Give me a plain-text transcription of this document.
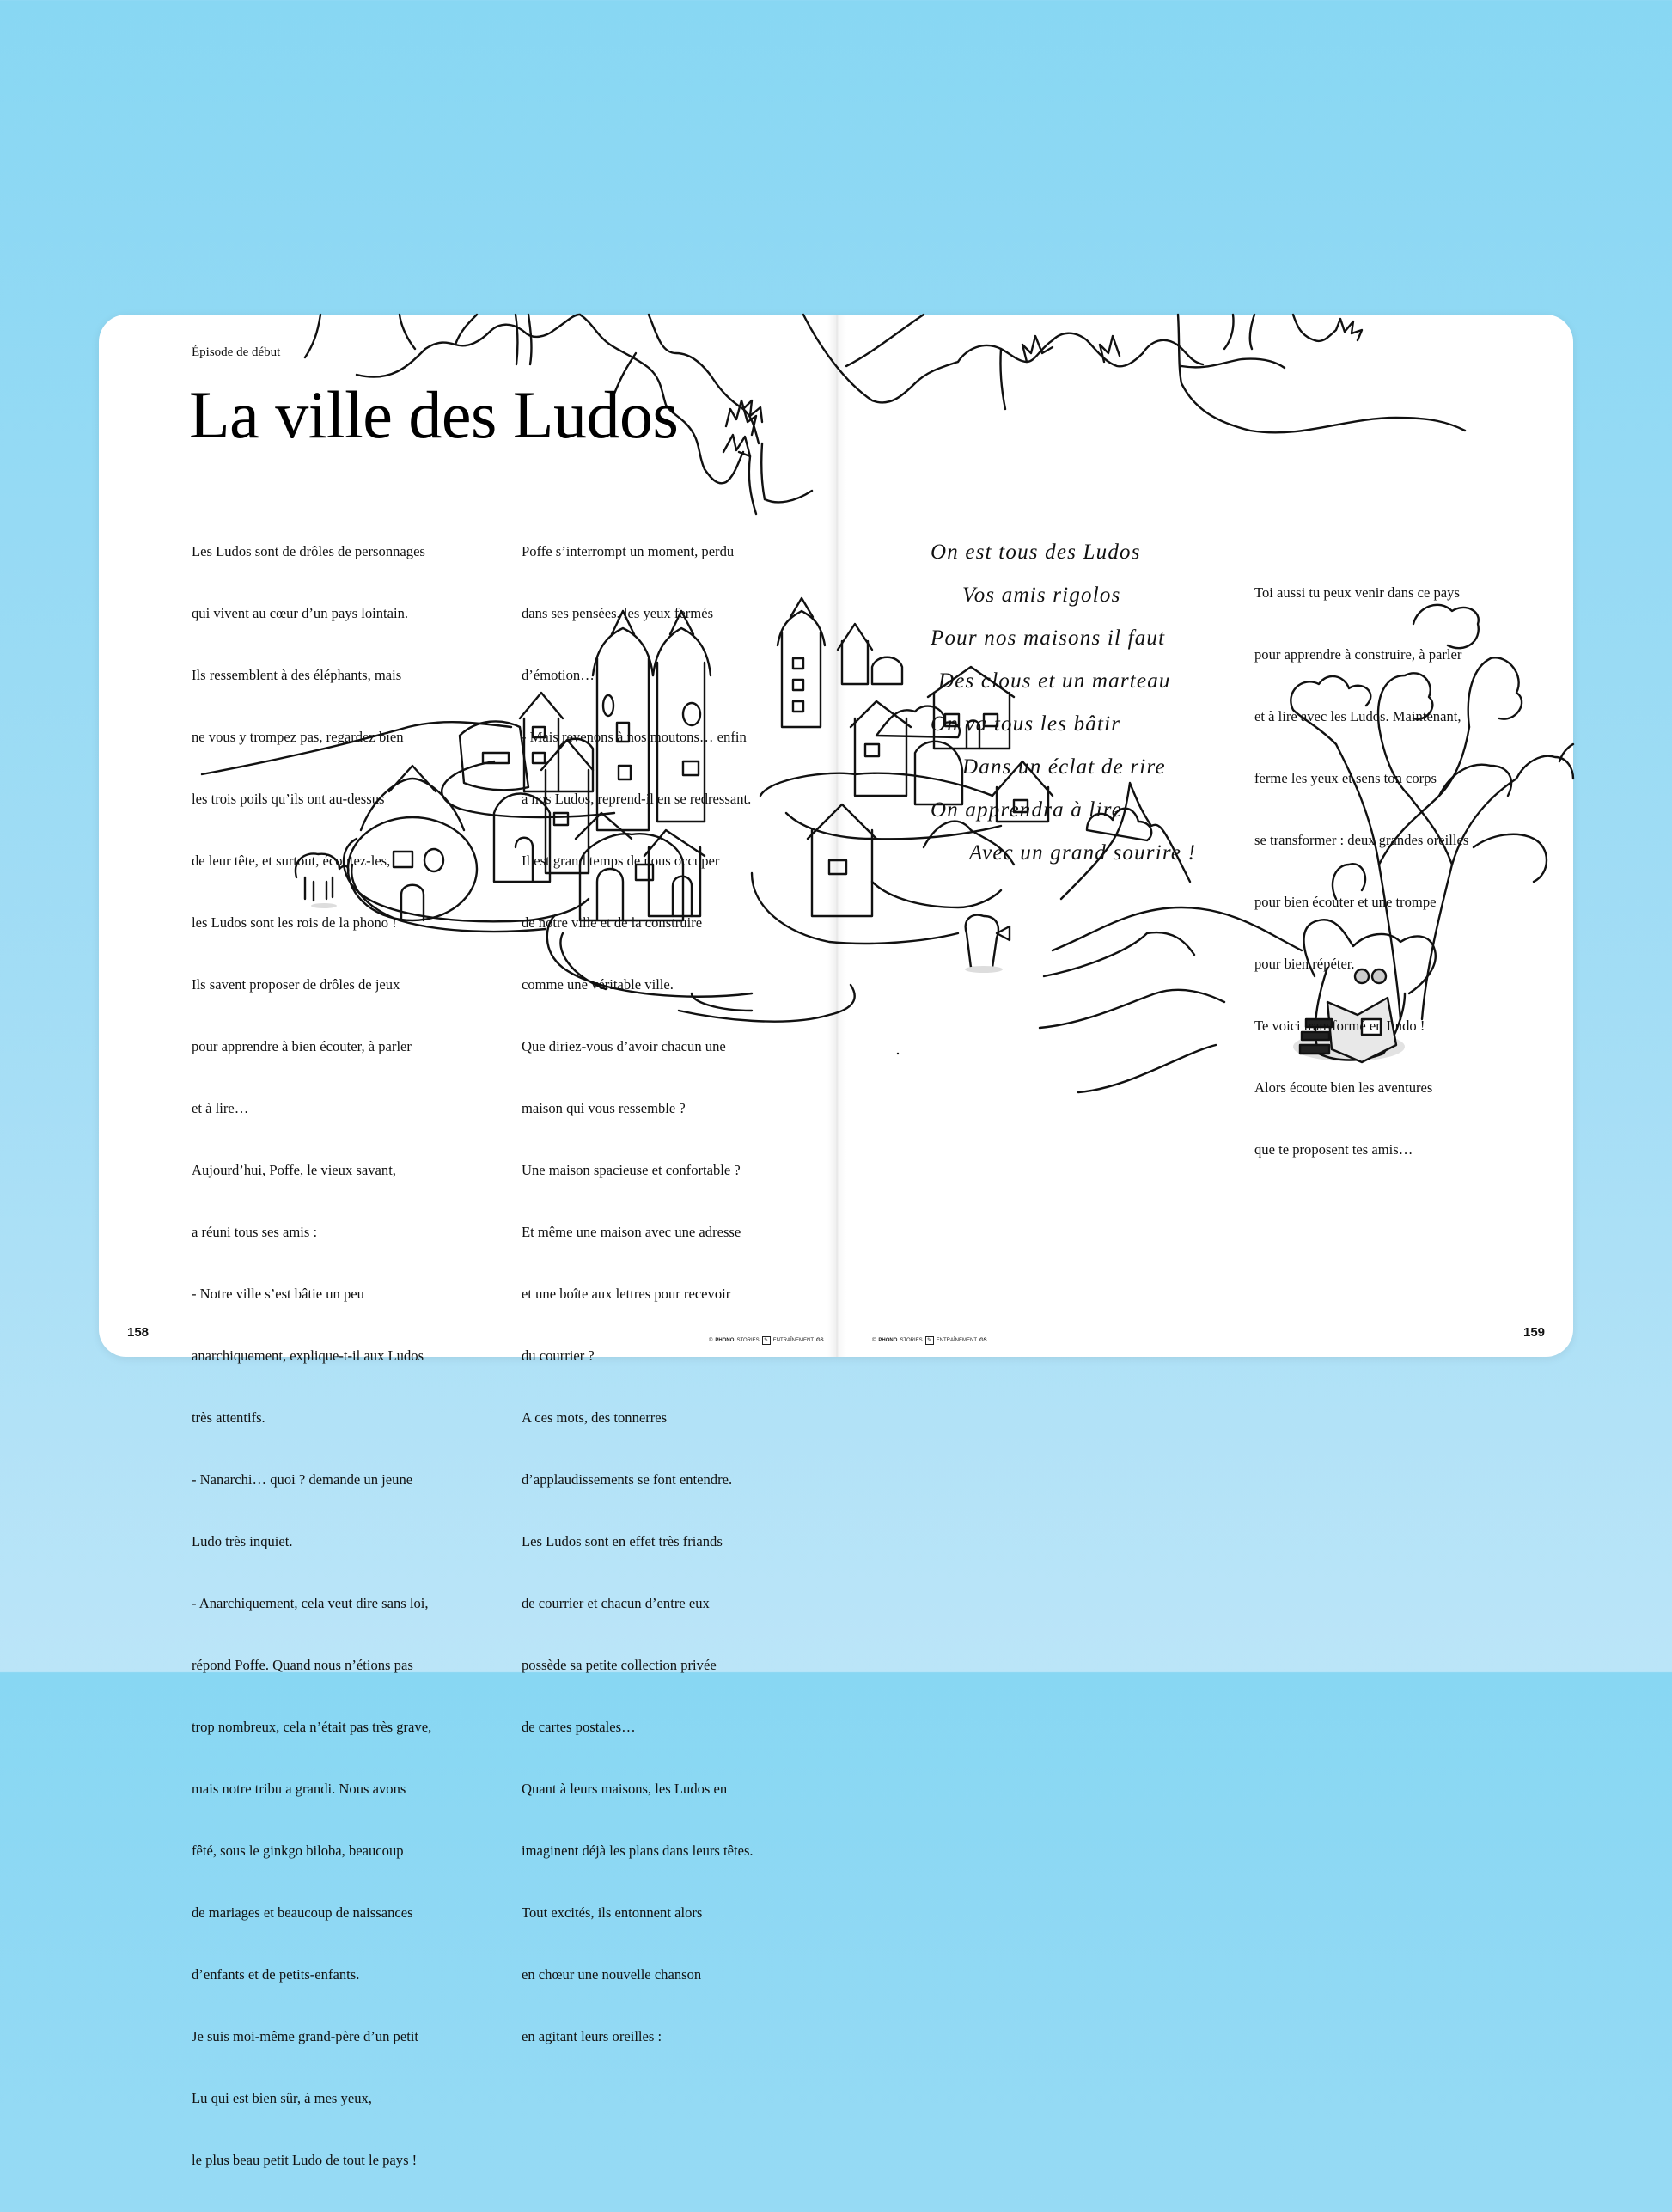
Épisode de début
La ville des Ludos

Les Ludos sont de drôles de personnages

qui vivent au cœur d’un pays lointain.

Ils ressemblent à des éléphants, mais

ne vous y trompez pas, regardez bien

les trois poils qu’ils ont au-dessus

de leur tête, et surtout, écoutez-les,

les Ludos sont les rois de la phono !

Ils savent proposer de drôles de jeux

pour apprendre à bien écouter, à parler

et à lire…

Aujourd’hui, Poffe, le vieux savant,

a réuni tous ses amis :

- Notre ville s’est bâtie un peu

anarchiquement, explique-t-il aux Ludos

très attentifs.

- Nanarchi… quoi ? demande un jeune

Ludo très inquiet.

- Anarchiquement, cela veut dire sans loi,

répond Poffe. Quand nous n’étions pas

trop nombreux, cela n’était pas très grave,

mais notre tribu a grandi. Nous avons

fêté, sous le ginkgo biloba, beaucoup

de mariages et beaucoup de naissances

d’enfants et de petits-enfants.

Je suis moi-même grand-père d’un petit

Lu qui est bien sûr, à mes yeux,

le plus beau petit Ludo de tout le pays !

Poffe s’interrompt un moment, perdu

dans ses pensées, les yeux fermés

d’émotion…

- Mais revenons à nos moutons… enfin

à nos Ludos, reprend-il en se redressant.

Il est grand temps de nous occuper

de notre ville et de la construire

comme une véritable ville.

Que diriez-vous d’avoir chacun une

maison qui vous ressemble ?

Une maison spacieuse et confortable ?

Et même une maison avec une adresse

et une boîte aux lettres pour recevoir

du courrier ?

A ces mots, des tonnerres

d’applaudissements se font entendre.

Les Ludos sont en effet très friands

de courrier et chacun d’entre eux

possède sa petite collection privée

de cartes postales…

Quant à leurs maisons, les Ludos en

imaginent déjà les plans dans leurs têtes.

Tout excités, ils entonnent alors

en chœur une nouvelle chanson

en agitant leurs oreilles :

158
© PHONO STORIES ✎ ENTRAÎNEMENT GS
On est tous des Ludos
Vos amis rigolos
Pour nos maisons il faut
Des clous et un marteau
On va tous les bâtir
Dans un éclat de rire
On apprendra à lire
Avec un grand sourire !

Toi aussi tu peux venir dans ce pays

pour apprendre à construire, à parler

et à lire avec les Ludos. Maintenant,

ferme les yeux et sens ton corps

se transformer : deux grandes oreilles

pour bien écouter et une trompe

pour bien répéter.

Te voici transformé en Ludo !

Alors écoute bien les aventures

que te proposent tes amis…

159
© PHONO STORIES ✎ ENTRAÎNEMENT GS
